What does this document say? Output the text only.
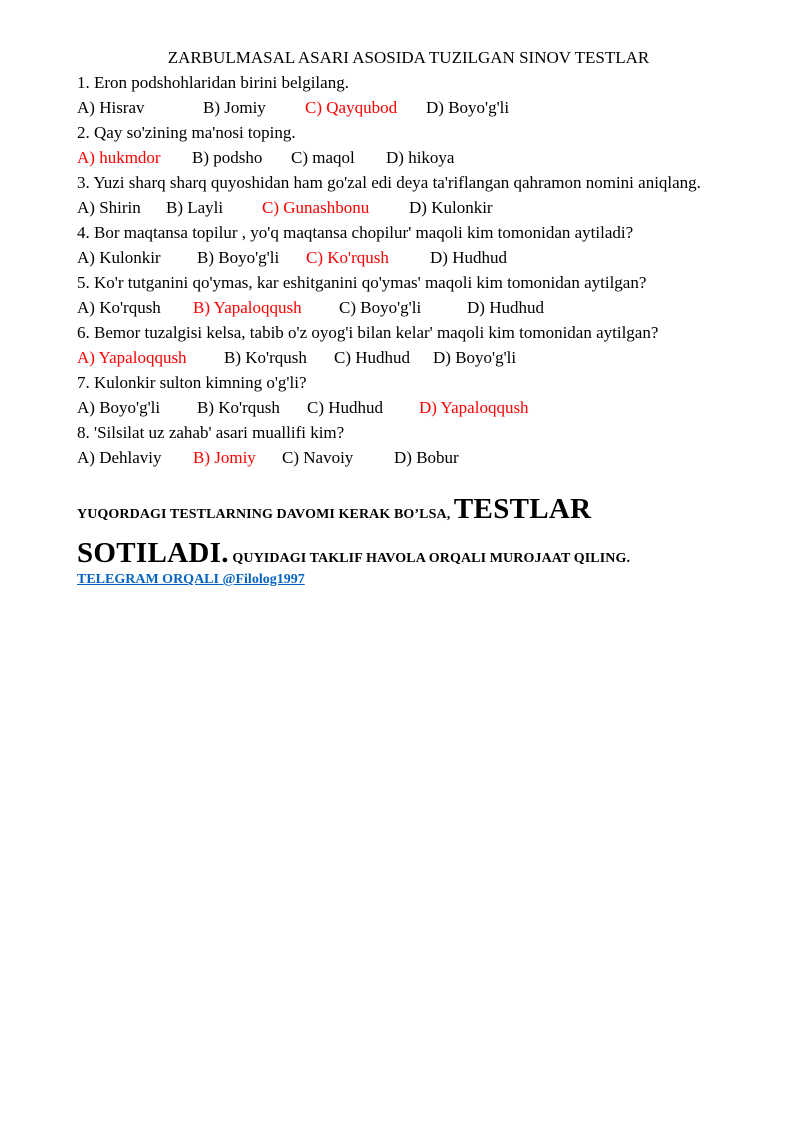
ZARBULMASAL ASARI ASOSIDA TUZILGAN SINOV TESTLAR

1. Eron podshohlaridan birini belgilang.

A) Hisrav	B) Jomiy C) Qayqubod D) Boyo'g'li

2. Qay so'zining ma'nosi toping.

A) hukmdor B) podsho C) maqol D) hikoya

3. Yuzi sharq sharq quyoshidan ham go'zal edi deya ta'riflangan qahramon nomini aniqlang.

A) Shirin B) Layli C) Gunashbonu D) Kulonkir

4. Bor maqtansa topilur , yo'q maqtansa chopilur' maqoli kim tomonidan aytiladi?

A) Kulonkir B) Boyo'g'li C) Ko'rqush D) Hudhud

5. Ko'r tutganini qo'ymas, kar eshitganini qo'ymas' maqoli kim tomonidan aytilgan?

A) Ko'rqush B) Yapaloqqush C) Boyo'g'li	D) Hudhud

6. Bemor tuzalgisi kelsa, tabib o'z oyog'i bilan kelar' maqoli kim tomonidan aytilgan?

A) Yapaloqqush B) Ko'rqush C) Hudhud D) Boyo'g'li

7. Kulonkir sulton kimning o'g'li?

A) Boyo'g'li B) Ko'rqush C) Hudhud D) Yapaloqqush

8. 'Silsilat uz zahab' asari muallifi kim?

A) Dehlaviy B) Jomiy C) Navoiy D) Bobur

YUQORDAGI TESTLARNING DAVOMI KERAK BO’LSA, TESTLAR SOTILADI. QUYIDAGI TAKLIF HAVOLA ORQALI MUROJAAT QILING.
TELEGRAM ORQALI @Filolog1997
